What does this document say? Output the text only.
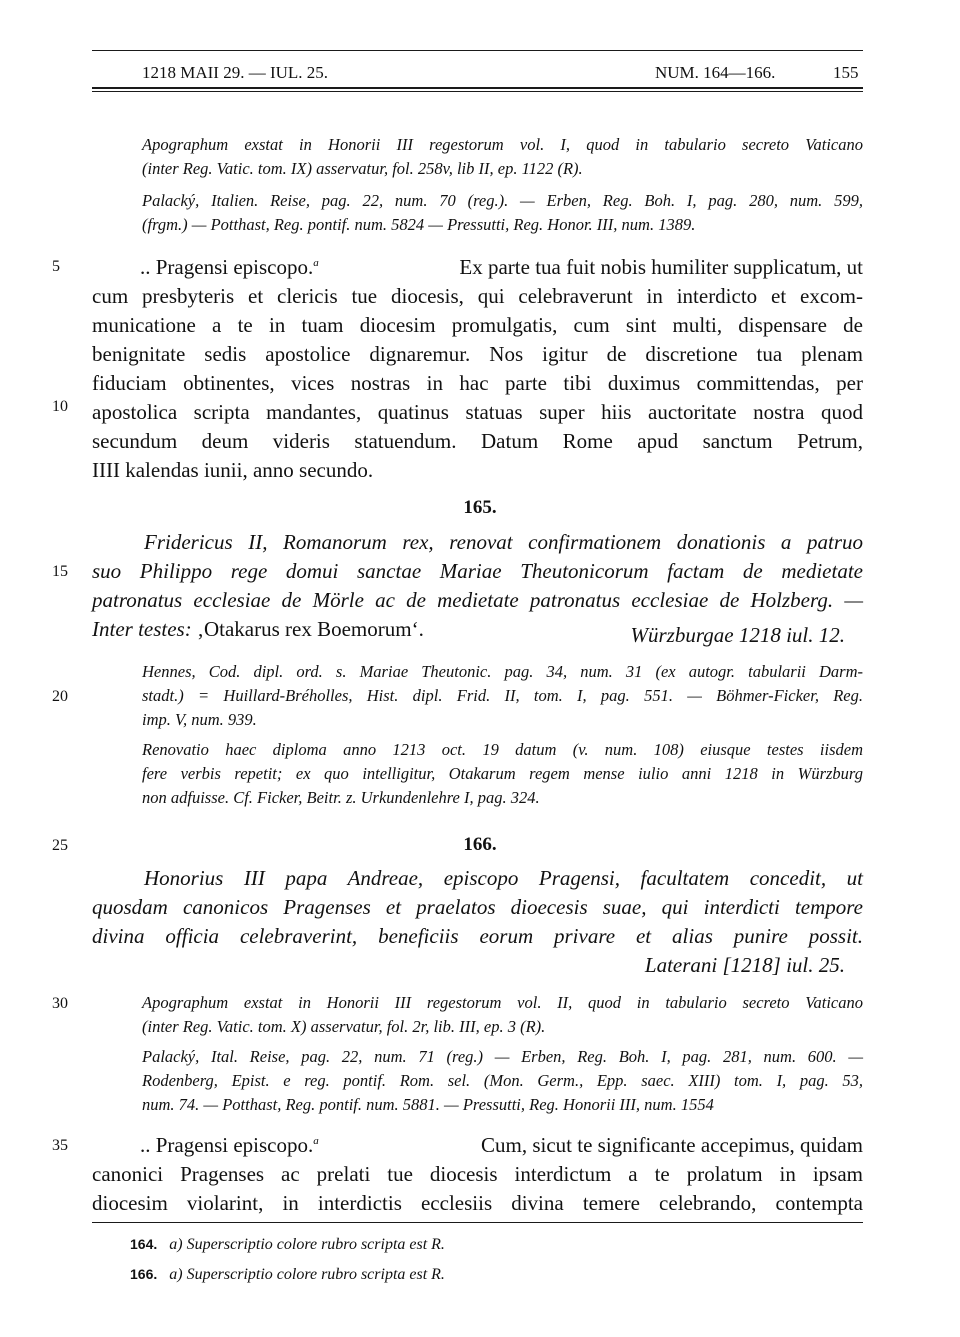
1218 MAII 29. — IUL. 25.	NUM. 164—166.	155
Apographum exstat in Honorii III regestorum vol. I, quod in tabulario secreto Vaticano
(inter Reg. Vatic. tom. IX) asservatur, fol. 258v, lib II, ep. 1122 (R).
Palacký, Italien. Reise, pag. 22, num. 70 (reg.). — Erben, Reg. Boh. I, pag. 280, num. 599,
(frgm.) — Potthast, Reg. pontif. num. 5824 — Pressutti, Reg. Honor. III, num. 1389.
.. Pragensi episcopo.$^a$	Ex parte tua fuit nobis humiliter supplicatum, ut
cum presbyteris et clericis tue diocesis, qui celebraverunt in interdicto et excom-
municatione a te in tuam diocesim promulgatis, cum sint multi, dispensare de
benignitate sedis apostolice dignaremur. Nos igitur de discretione tua plenam
fiduciam obtinentes, vices nostras in hac parte tibi duximus committendas, per
apostolica scripta mandantes, quatinus statuas super hiis auctoritate nostra quod
secundum deum videris statuendum. Datum Rome apud sanctum Petrum,
IIII kalendas iunii, anno secundo.
165.
Fridericus II, Romanorum rex, renovat confirmationem donationis a patruo
suo Philippo rege domui sanctae Mariae Theutonicorum factam de medietate
patronatus ecclesiae de Mörle ac de medietate patronatus ecclesiae de Holzberg. —
Inter testes: ‚Otakarus rex Boemorum‘.	Würzburgae 1218 iul. 12.
Hennes, Cod. dipl. ord. s. Mariae Theutonic. pag. 34, num. 31 (ex autogr. tabularii Darm-
stadt.) = Huillard-Bréholles, Hist. dipl. Frid. II, tom. I, pag. 551. — Böhmer-Ficker, Reg.
imp. V, num. 939.
Renovatio haec diploma anno 1213 oct. 19 datum (v. num. 108) eiusque testes iisdem
fere verbis repetit; ex quo intelligitur, Otakarum regem mense iulio anni 1218 in Würzburg
non adfuisse. Cf. Ficker, Beitr. z. Urkundenlehre I, pag. 324.
166.
Honorius III papa Andreae, episcopo Pragensi, facultatem concedit, ut
quosdam canonicos Pragenses et praelatos dioecesis suae, qui interdicti tempore
divina officia celebraverint, beneficiis eorum privare et alias punire possit.
Laterani [1218] iul. 25.
Apographum exstat in Honorii III regestorum vol. II, quod in tabulario secreto Vaticano
(inter Reg. Vatic. tom. X) asservatur, fol. 2r, lib. III, ep. 3 (R).
Palacký, Ital. Reise, pag. 22, num. 71 (reg.) — Erben, Reg. Boh. I, pag. 281, num. 600. —
Rodenberg, Epist. e reg. pontif. Rom. sel. (Mon. Germ., Epp. saec. XIII) tom. I, pag. 53,
num. 74. — Potthast, Reg. pontif. num. 5881. — Pressutti, Reg. Honorii III, num. 1554
.. Pragensi episcopo.$^a$	Cum, sicut te significante accepimus, quidam
canonici Pragenses ac prelati tue diocesis interdictum a te prolatum in ipsam
diocesim violarint, in interdictis ecclesiis divina temere celebrando, contempta
164. a) Superscriptio colore rubro scripta est R.
166. a) Superscriptio colore rubro scripta est R.
5
10
15
20
25
30
35
